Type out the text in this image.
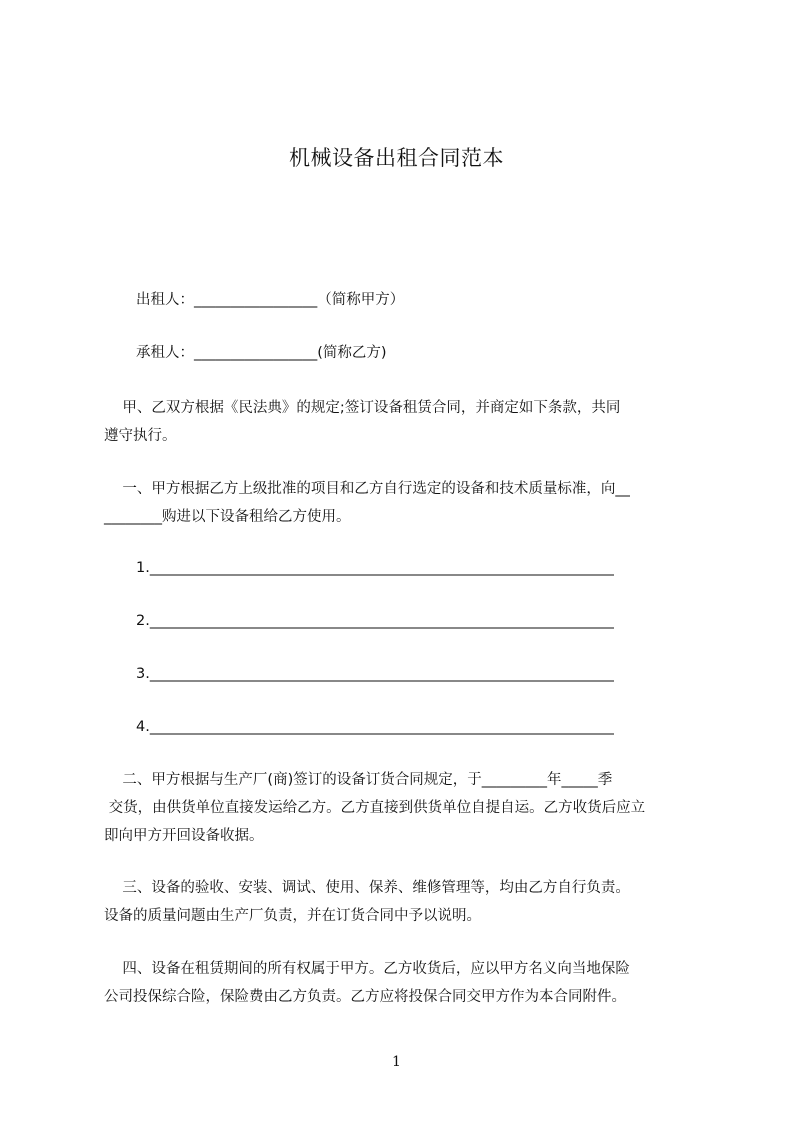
机械设备出租合同范本

出租人：_________________（简称甲方）

承租人：_________________(简称乙方)

甲、乙双方根据《民法典》的规定;签订设备租赁合同，并商定如下条款，共同

遵守执行。

一、甲方根据乙方上级批准的项目和乙方自行选定的设备和技术质量标准，向__

________购进以下设备租给乙方使用。

1.________________________________________________________________

2.________________________________________________________________

3.________________________________________________________________

4.________________________________________________________________

二、甲方根据与生产厂(商)签订的设备订货合同规定，于_________年_____季

交货，由供货单位直接发运给乙方。乙方直接到供货单位自提自运。乙方收货后应立

即向甲方开回设备收据。

三、设备的验收、安装、调试、使用、保养、维修管理等，均由乙方自行负责。

设备的质量问题由生产厂负责，并在订货合同中予以说明。

四、设备在租赁期间的所有权属于甲方。乙方收货后，应以甲方名义向当地保险

公司投保综合险，保险费由乙方负责。乙方应将投保合同交甲方作为本合同附件。

1
